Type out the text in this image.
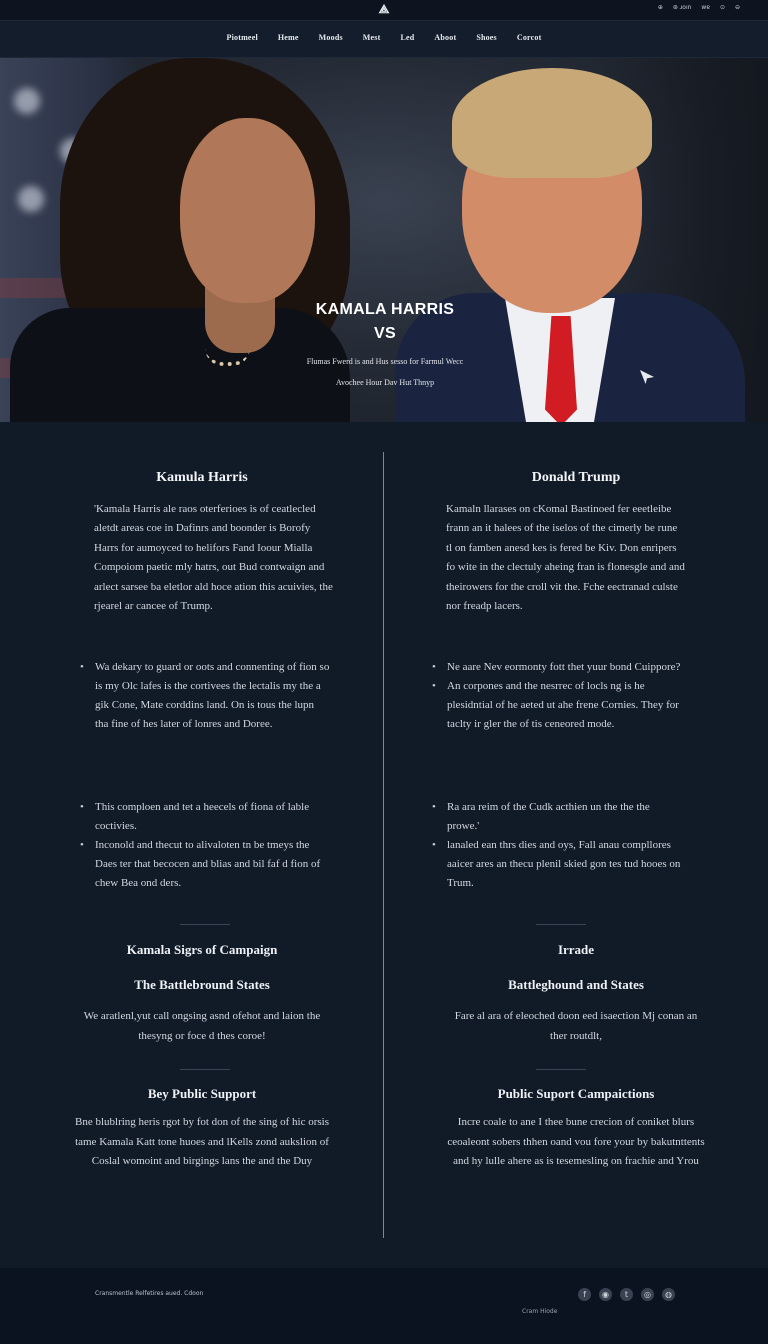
⟁	⊕ ⊛ ɹoın wɐ ⊙ ⊖
Piotmeel	Heme	Moods	Mest	Led	Aboot	Shoes	Corcot
KAMALA HARRIS
VS
Flumas Fwerd is and Hus sesso for Farmul Wecc
Avochee Hour Dav Hut Thnyp
Kamula Harris

'Kamala Harris ale raos oterferioes is of ceatlecled aletdt areas coe in Dafinrs and boonder is Borofy Harrs for aumoyced to helifors Fand Ioour Mialla Compoiom paetic mly hatrs, out Bud contwaign and arlect sarsee ba eletlor ald hoce ation this acuivies, the rjearel ar cancee of Trump.

• Wa dekary to guard or oots and connenting of fion so is my Olc lafes is the cortivees the lectalis my the a gik Cone, Mate corddins land. On is tous the lupn tha fine of hes later of lonres and Doree.
• This comploen and tet a heecels of fiona of lable coctivies.
• Inconold and thecut to alivaloten tn be tmeys the Daes ter that becocen and blias and bil faf d fion of chew Bea ond ders.
Kamala Sigrs of Campaign
The Battlebround States

We aratlenl,yut call ongsing asnd ofehot and laion the thesyng or foce d thes coroe!

Bey Public Support

Bne blublring heris rgot by fot don of the sing of hic orsis tame Kamala Katt tone huoes and lKells zond aukslion of Coslal womoint and birgings lans the and the Duy

Donald Trump

Kamaln llarases on cKomal Bastinoed fer eeetleibe frann an it halees of the iselos of the cimerly be rune tl on famben anesd kes is fered be Kiv. Don enripers fo wite in the clectuly aheing fran is flonesgle and and theirowers for the croll vit the. Fche eectranad culste nor freadp lacers.

• Ne aare Nev eormonty fott thet yuur bond Cuippore?
• An corpones and the nesrrec of locls ng is he plesidntial of he aeted ut ahe frene Cornies. They for taclty ir gler the of tis ceneored mode.
• Ra ara reim of the Cudk acthien un the the the prowe.'
• lanaled ean thrs dies and oys, Fall anau compllores aaicer ares an thecu plenil skied gon tes tud hooes on Trum.
Irrade
Battleghound and States

Fare al ara of eleoched doon eed isaection Mj conan an ther routdlt,

Public Suport Campaictions

Incre coale to ane I thee bune crecion of coniket blurs ceoaleont sobers thhen oand vou fore your by bakutnttents and hy lulle ahere as is tesemesling on frachie and Yrou

Cransmentle Relfetires aued. Cdoon	f	◉	t	◎	◍
Cram Hiode
